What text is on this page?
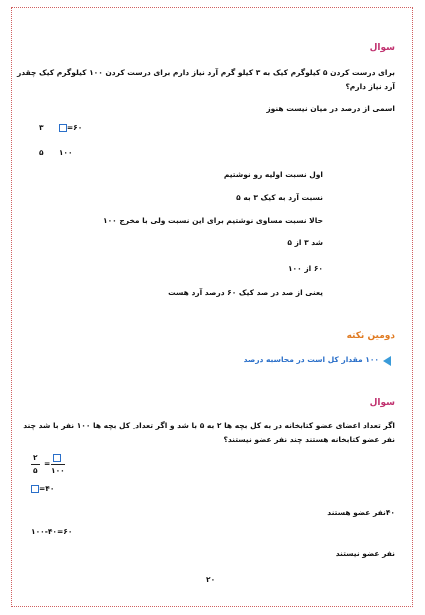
سوال
برای درست کردن ۵ کیلوگرم کیک به ۳ کیلو گرم آرد نیاز دارم برای درست کردن ۱۰۰ کیلوگرم کیک چقدر
آرد نیاز دارم؟
اسمی از درصد در میان نیست هنوز
۳	=۶۰
۵ ۱۰۰
اول نسبت اولیه رو نوشتیم
نسبت آرد به کیک ۳ به ۵
حالا نسبت مساوی نوشتیم برای این نسبت ولی با مخرج ۱۰۰
شد ۳ از ۵
۶۰ از ۱۰۰
یعنی از صد در صد کیک ۶۰ درصد آرد هست
دومین نکته
۱۰۰ مقدار کل است در محاسبه درصد
سوال
اگر تعداد اعضای عضو کتابخانه در به کل بچه ها ۲ به ۵ با شد و اگر تعداد ِ کل بچه ها ۱۰۰ نفر با شد چند
نفر عضو کتابخانه هستند چند نفر عضو نیستند؟
۲
۵
=
۱۰۰
=۴۰
۴۰نفر عضو هستند
۱۰۰-۴۰=۶۰
نفر عضو نیستند
۲۰
